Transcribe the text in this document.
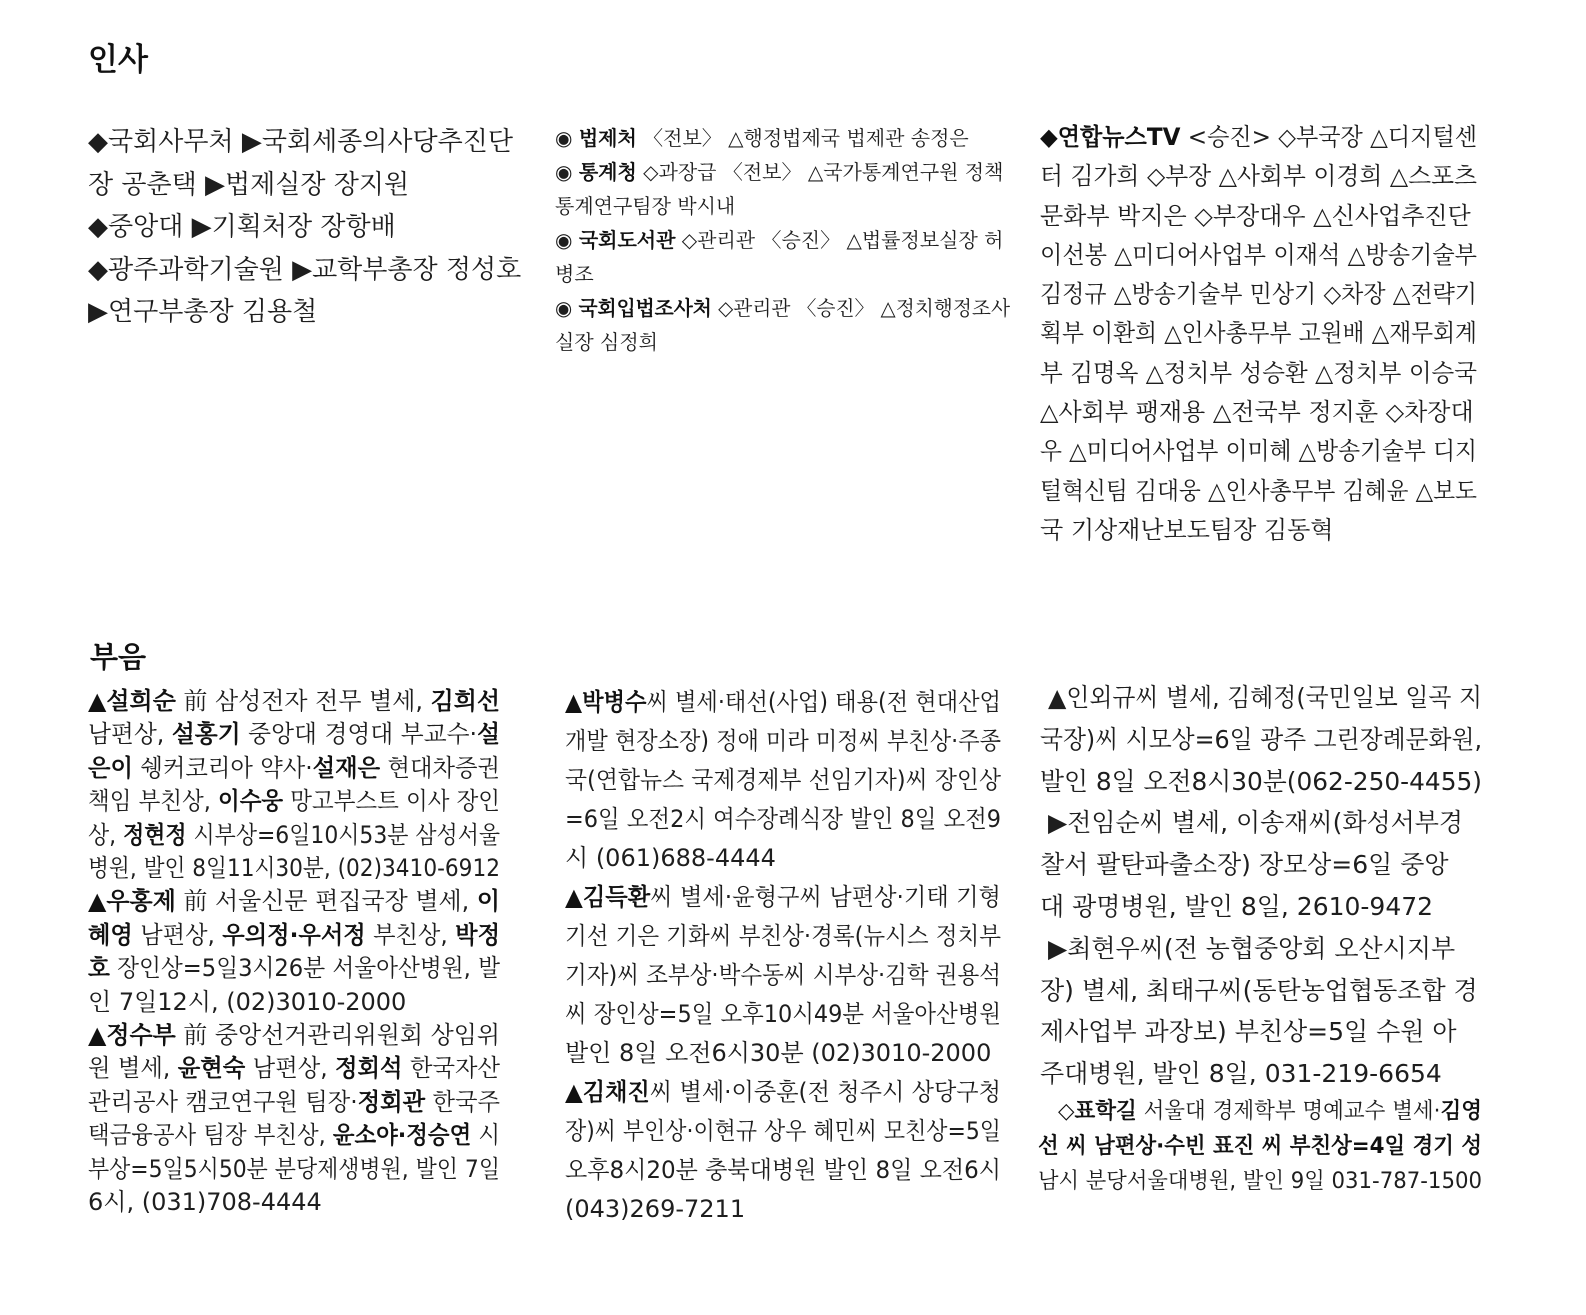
인사
◆국회사무처 ▶국회세종의사당추진단
장 공춘택 ▶법제실장 장지원
◆중앙대 ▶기획처장 장항배
◆광주과학기술원 ▶교학부총장 정성호
▶연구부총장 김용철
◉ 법제처 〈전보〉 △행정법제국 법제관 송정은
◉ 통계청 ◇과장급 〈전보〉 △국가통계연구원 정책
통계연구팀장 박시내
◉ 국회도서관 ◇관리관 〈승진〉 △법률정보실장 허
병조
◉ 국회입법조사처 ◇관리관 〈승진〉 △정치행정조사
실장 심정희
◆연합뉴스TV <승진> ◇부국장 △디지털센
터 김가희 ◇부장 △사회부 이경희 △스포츠
문화부 박지은 ◇부장대우 △신사업추진단
이선봉 △미디어사업부 이재석 △방송기술부
김정규 △방송기술부 민상기 ◇차장 △전략기
획부 이환희 △인사총무부 고원배 △재무회계
부 김명옥 △정치부 성승환 △정치부 이승국
△사회부 팽재용 △전국부 정지훈 ◇차장대
우 △미디어사업부 이미혜 △방송기술부 디지
털혁신팀 김대웅 △인사총무부 김혜윤 △보도
국 기상재난보도팀장 김동혁
부음
▲설희순 前 삼성전자 전무 별세, 김희선
남편상, 설홍기 중앙대 경영대 부교수·설
은이 쉥커코리아 약사·설재은 현대차증권
책임 부친상, 이수웅 망고부스트 이사 장인
상, 정현정 시부상=6일10시53분 삼성서울
병원, 발인 8일11시30분, (02)3410-6912
▲우홍제 前 서울신문 편집국장 별세, 이
혜영 남편상, 우의정·우서정 부친상, 박정
호 장인상=5일3시26분 서울아산병원, 발
인 7일12시, (02)3010-2000
▲정수부 前 중앙선거관리위원회 상임위
원 별세, 윤현숙 남편상, 정회석 한국자산
관리공사 캠코연구원 팀장·정회관 한국주
택금융공사 팀장 부친상, 윤소야·정승연 시
부상=5일5시50분 분당제생병원, 발인 7일
6시, (031)708-4444
▲박병수씨 별세·태선(사업) 태용(전 현대산업
개발 현장소장) 정애 미라 미정씨 부친상·주종
국(연합뉴스 국제경제부 선임기자)씨 장인상
=6일 오전2시 여수장례식장 발인 8일 오전9
시 (061)688-4444
▲김득환씨 별세·윤형구씨 남편상·기태 기형
기선 기은 기화씨 부친상·경록(뉴시스 정치부
기자)씨 조부상·박수동씨 시부상·김학 권용석
씨 장인상=5일 오후10시49분 서울아산병원
발인 8일 오전6시30분 (02)3010-2000
▲김채진씨 별세·이중훈(전 청주시 상당구청
장)씨 부인상·이현규 상우 혜민씨 모친상=5일
오후8시20분 충북대병원 발인 8일 오전6시
(043)269-7211
▲인외규씨 별세, 김혜정(국민일보 일곡 지
국장)씨 시모상=6일 광주 그린장례문화원,
발인 8일 오전8시30분(062-250-4455)
▶전임순씨 별세, 이송재씨(화성서부경
찰서 팔탄파출소장) 장모상=6일 중앙
대 광명병원, 발인 8일, 2610-9472
▶최현우씨(전 농협중앙회 오산시지부
장) 별세, 최태구씨(동탄농업협동조합 경
제사업부 과장보) 부친상=5일 수원 아
주대병원, 발인 8일, 031-219-6654
◇표학길 서울대 경제학부 명예교수 별세·김영
선 씨 남편상·수빈 표진 씨 부친상=4일 경기 성
남시 분당서울대병원, 발인 9일 031-787-1500
